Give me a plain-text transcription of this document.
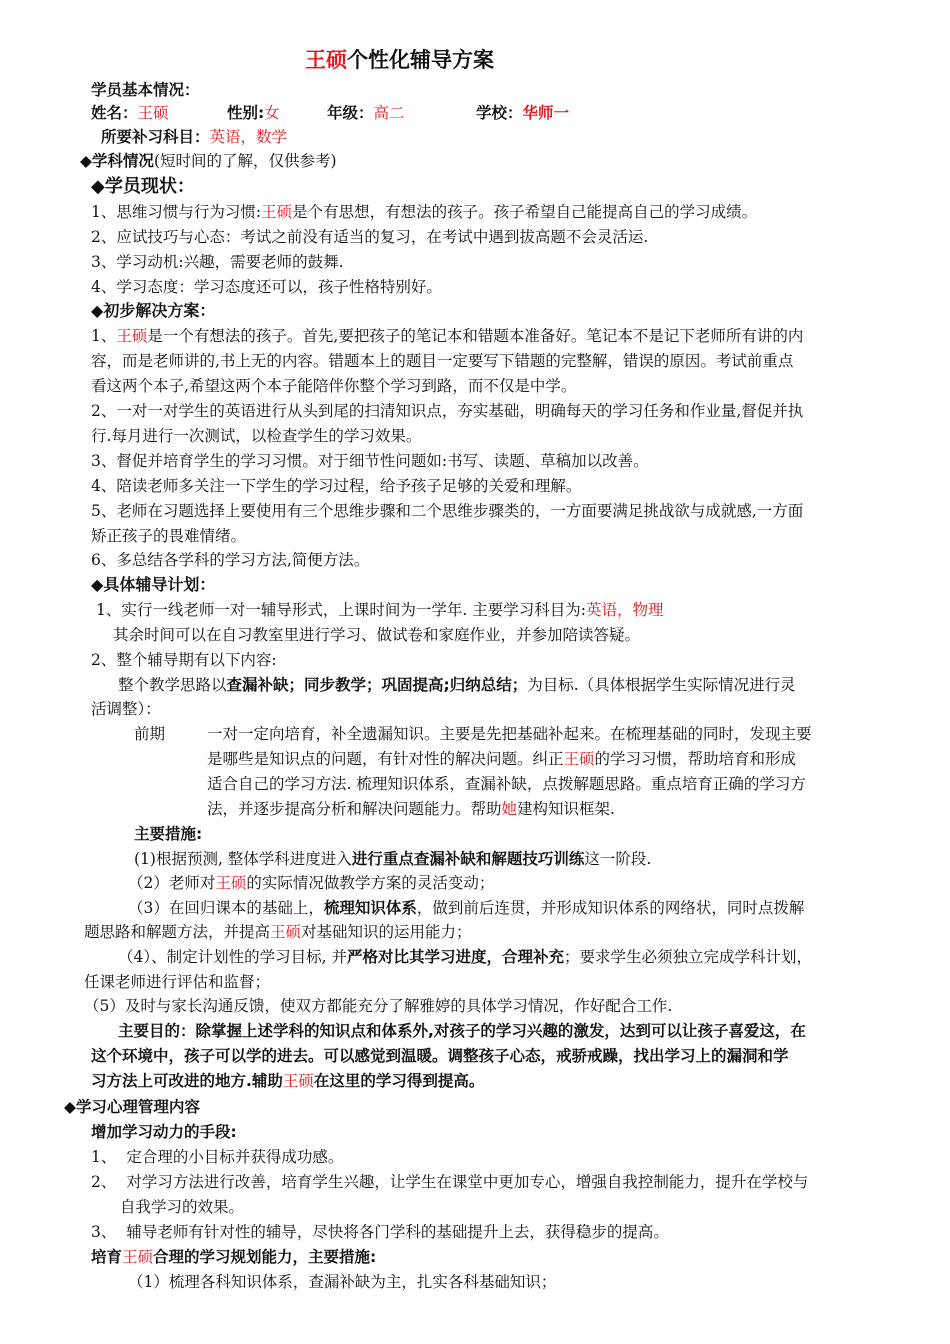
王硕个性化辅导方案
学员基本情况：
姓名：王硕	性别:女	年级：高二	学校：华师一
所要补习科目：英语，数学
◆学科情况(短时间的了解，仅供参考)
◆学员现状：
1、思维习惯与行为习惯:王硕是个有思想，有想法的孩子。孩子希望自己能提高自己的学习成绩。
2、应试技巧与心态：考试之前没有适当的复习，在考试中遇到拔高题不会灵活运.
3、学习动机:兴趣，需要老师的鼓舞.
4、学习态度：学习态度还可以，孩子性格特别好。
◆初步解决方案：
1、王硕是一个有想法的孩子。首先,要把孩子的笔记本和错题本准备好。笔记本不是记下老师所有讲的内
容，而是老师讲的,书上无的内容。错题本上的题目一定要写下错题的完整解，错误的原因。考试前重点
看这两个本子,希望这两个本子能陪伴你整个学习到路，而不仅是中学。
2、一对一对学生的英语进行从头到尾的扫清知识点，夯实基础，明确每天的学习任务和作业量,督促并执
行.每月进行一次测试，以检查学生的学习效果。
3、督促并培育学生的学习习惯。对于细节性问题如:书写、读题、草稿加以改善。
4、陪读老师多关注一下学生的学习过程，给予孩子足够的关爱和理解。
5、老师在习题选择上要使用有三个思维步骤和二个思维步骤类的，一方面要满足挑战欲与成就感,一方面
矫正孩子的畏难情绪。
6、多总结各学科的学习方法,简便方法。
◆具体辅导计划：
1、实行一线老师一对一辅导形式，上课时间为一学年. 主要学习科目为:英语，物理
其余时间可以在自习教室里进行学习、做试卷和家庭作业，并参加陪读答疑。
2、整个辅导期有以下内容:
整个教学思路以查漏补缺；同步教学；巩固提高;归纳总结；为目标.（具体根据学生实际情况进行灵
活调整）：
前期	一对一定向培育，补全遗漏知识。主要是先把基础补起来。在梳理基础的同时，发现主要
是哪些是知识点的问题，有针对性的解决问题。纠正王硕的学习习惯，帮助培育和形成
适合自己的学习方法. 梳理知识体系，查漏补缺，点拨解题思路。重点培育正确的学习方
法，并逐步提高分析和解决问题能力。帮助她建构知识框架.
主要措施:
(1)根据预测, 整体学科进度进入进行重点查漏补缺和解题技巧训练这一阶段.
（2）老师对王硕的实际情况做教学方案的灵活变动；
（3）在回归课本的基础上，梳理知识体系，做到前后连贯，并形成知识体系的网络状，同时点拨解
题思路和解题方法，并提高王硕对基础知识的运用能力；
（4）、制定计划性的学习目标, 并严格对比其学习进度，合理补充；要求学生必须独立完成学科计划，
任课老师进行评估和监督；
（5）及时与家长沟通反馈，使双方都能充分了解雅婷的具体学习情况，作好配合工作.
主要目的：除掌握上述学科的知识点和体系外,对孩子的学习兴趣的激发，达到可以让孩子喜爱这，在
这个环境中，孩子可以学的进去。可以感觉到温暖。调整孩子心态，戒骄戒躁，找出学习上的漏洞和学
习方法上可改进的地方.辅助王硕在这里的学习得到提高。
◆学习心理管理内容
增加学习动力的手段:
1、 定合理的小目标并获得成功感。
2、 对学习方法进行改善，培育学生兴趣，让学生在课堂中更加专心，增强自我控制能力，提升在学校与
自我学习的效果。
3、 辅导老师有针对性的辅导，尽快将各门学科的基础提升上去，获得稳步的提高。
培育王硕合理的学习规划能力，主要措施:
（1）梳理各科知识体系，查漏补缺为主，扎实各科基础知识；
